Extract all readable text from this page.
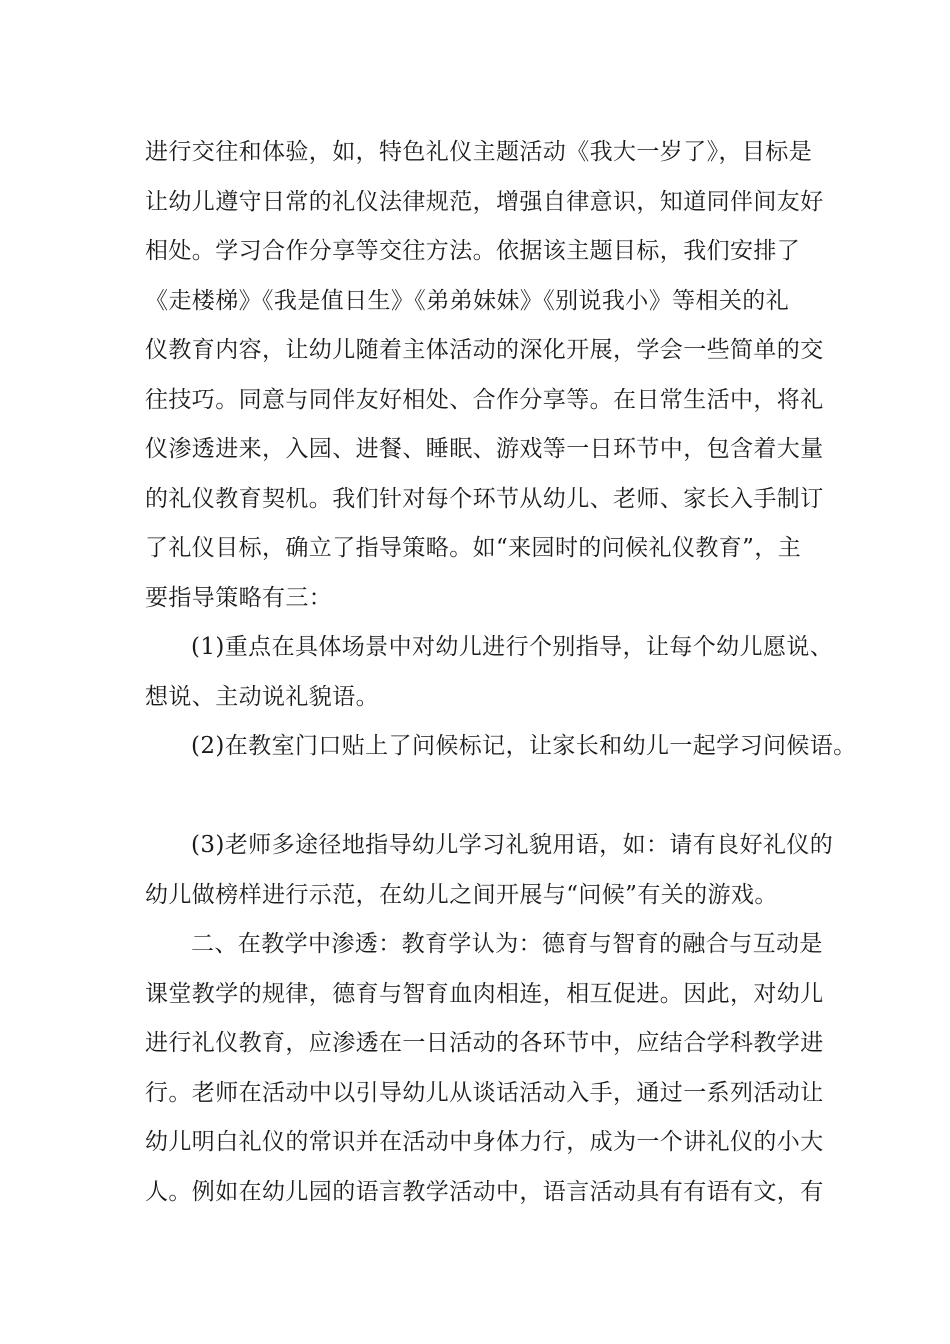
进行交往和体验，如，特色礼仪主题活动《我大一岁了》，目标是
让幼儿遵守日常的礼仪法律规范，增强自律意识，知道同伴间友好
相处。学习合作分享等交往方法。依据该主题目标，我们安排了
《走楼梯》《我是值日生》《弟弟妹妹》《别说我小》等相关的礼
仪教育内容，让幼儿随着主体活动的深化开展，学会一些简单的交
往技巧。同意与同伴友好相处、合作分享等。在日常生活中，将礼
仪渗透进来，入园、进餐、睡眠、游戏等一日环节中，包含着大量
的礼仪教育契机。我们针对每个环节从幼儿、老师、家长入手制订
了礼仪目标，确立了指导策略。如“来园时的问候礼仪教育”，主
要指导策略有三：
(1)重点在具体场景中对幼儿进行个别指导，让每个幼儿愿说、
想说、主动说礼貌语。
(2)在教室门口贴上了问候标记，让家长和幼儿一起学习问候语。
(3)老师多途径地指导幼儿学习礼貌用语，如：请有良好礼仪的
幼儿做榜样进行示范，在幼儿之间开展与“问候”有关的游戏。
二、在教学中渗透：教育学认为：德育与智育的融合与互动是
课堂教学的规律，德育与智育血肉相连，相互促进。因此，对幼儿
进行礼仪教育，应渗透在一日活动的各环节中，应结合学科教学进
行。老师在活动中以引导幼儿从谈话活动入手，通过一系列活动让
幼儿明白礼仪的常识并在活动中身体力行，成为一个讲礼仪的小大
人。例如在幼儿园的语言教学活动中，语言活动具有有语有文，有
